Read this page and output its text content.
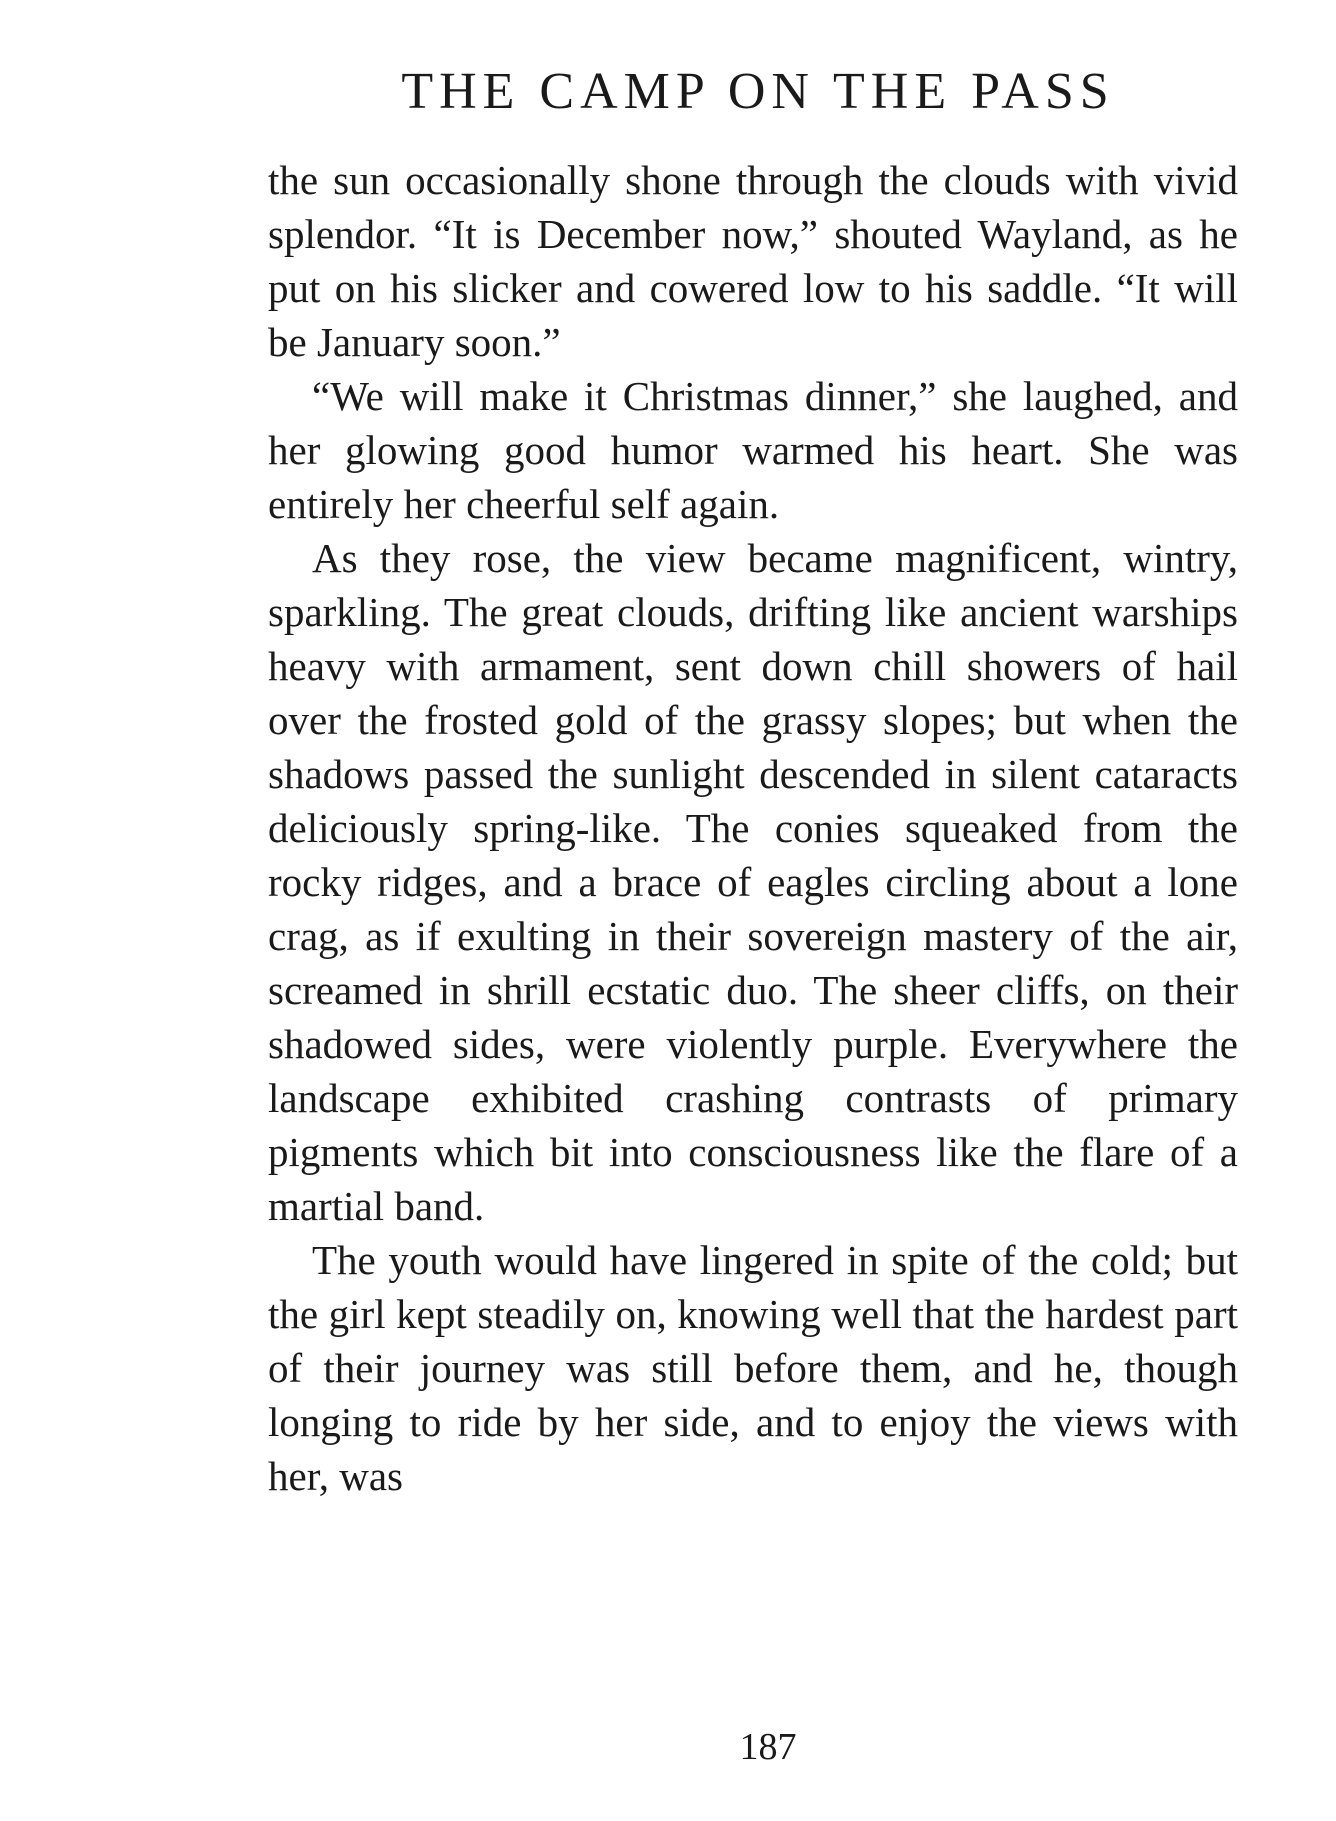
THE CAMP ON THE PASS

the sun occasionally shone through the clouds with vivid splendor. “It is December now,” shouted Wayland, as he put on his slicker and cowered low to his saddle. “It will be January soon.”

“We will make it Christmas dinner,” she laughed, and her glowing good humor warmed his heart. She was entirely her cheerful self again.

As they rose, the view became magnificent, wintry, sparkling. The great clouds, drifting like ancient warships heavy with armament, sent down chill showers of hail over the frosted gold of the grassy slopes; but when the shadows passed the sunlight descended in silent cataracts deliciously spring-like. The conies squeaked from the rocky ridges, and a brace of eagles circling about a lone crag, as if exulting in their sovereign mastery of the air, screamed in shrill ecstatic duo. The sheer cliffs, on their shadowed sides, were violently purple. Everywhere the landscape exhibited crashing contrasts of primary pigments which bit into consciousness like the flare of a martial band.

The youth would have lingered in spite of the cold; but the girl kept steadily on, knowing well that the hardest part of their journey was still before them, and he, though longing to ride by her side, and to enjoy the views with her, was

187
